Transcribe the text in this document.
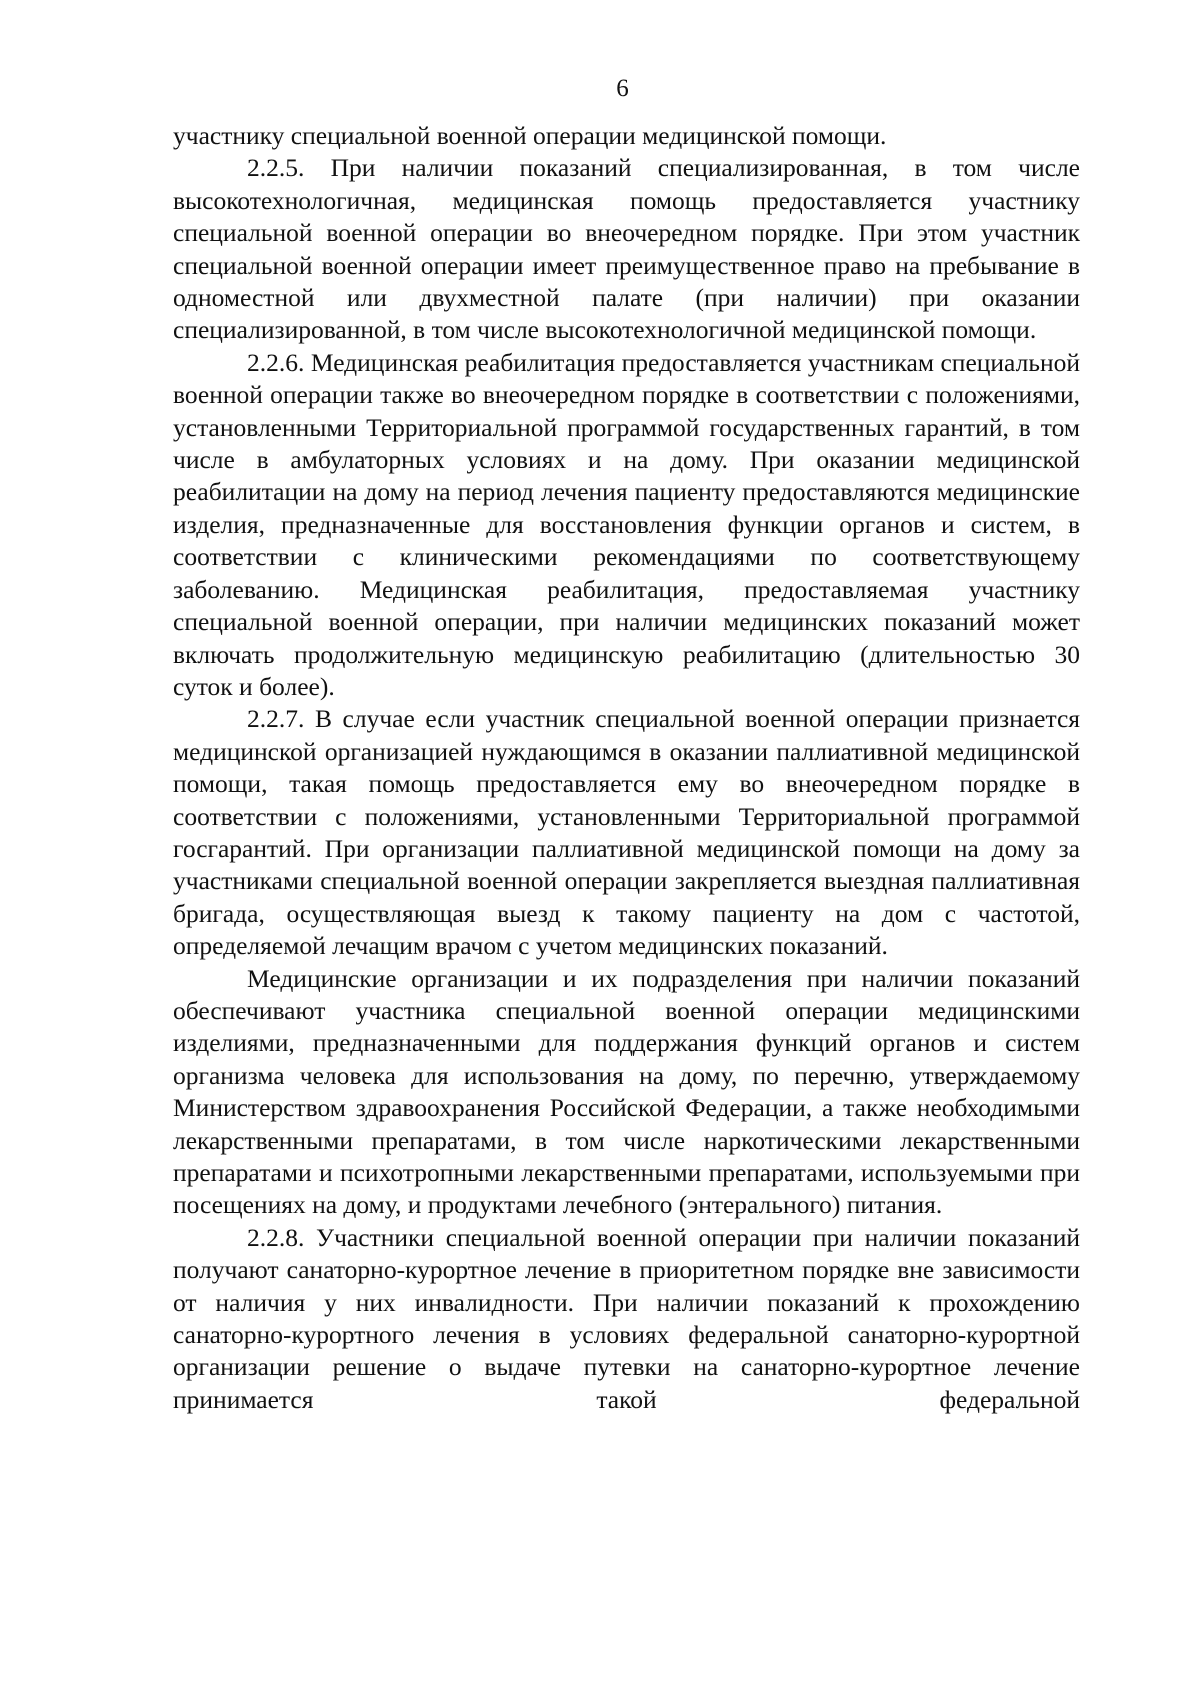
6

участнику специальной военной операции медицинской помощи.

2.2.5. При наличии показаний специализированная, в том числе высокотехнологичная, медицинская помощь предоставляется участнику специальной военной операции во внеочередном порядке. При этом участник специальной военной операции имеет преимущественное право на пребывание в одноместной или двухместной палате (при наличии) при оказании специализированной, в том числе высокотехнологичной медицинской помощи.

2.2.6. Медицинская реабилитация предоставляется участникам специальной военной операции также во внеочередном порядке в соответствии с положениями, установленными Территориальной программой государственных гарантий, в том числе в амбулаторных условиях и на дому. При оказании медицинской реабилитации на дому на период лечения пациенту предоставляются медицинские изделия, предназначенные для восстановления функции органов и систем, в соответствии с клиническими рекомендациями по соответствующему заболеванию. Медицинская реабилитация, предоставляемая участнику специальной военной операции, при наличии медицинских показаний может включать продолжительную медицинскую реабилитацию (длительностью 30 суток и более).

2.2.7. В случае если участник специальной военной операции признается медицинской организацией нуждающимся в оказании паллиативной медицинской помощи, такая помощь предоставляется ему во внеочередном порядке в соответствии с положениями, установленными Территориальной программой госгарантий. При организации паллиативной медицинской помощи на дому за участниками специальной военной операции закрепляется выездная паллиативная бригада, осуществляющая выезд к такому пациенту на дом с частотой, определяемой лечащим врачом с учетом медицинских показаний.

Медицинские организации и их подразделения при наличии показаний обеспечивают участника специальной военной операции медицинскими изделиями, предназначенными для поддержания функций органов и систем организма человека для использования на дому, по перечню, утверждаемому Министерством здравоохранения Российской Федерации, а также необходимыми лекарственными препаратами, в том числе наркотическими лекарственными препаратами и психотропными лекарственными препаратами, используемыми при посещениях на дому, и продуктами лечебного (энтерального) питания.

2.2.8. Участники специальной военной операции при наличии показаний получают санаторно-курортное лечение в приоритетном порядке вне зависимости от наличия у них инвалидности. При наличии показаний к прохождению санаторно-курортного лечения в условиях федеральной санаторно-курортной организации решение о выдаче путевки на санаторно-курортное лечение принимается такой федеральной
